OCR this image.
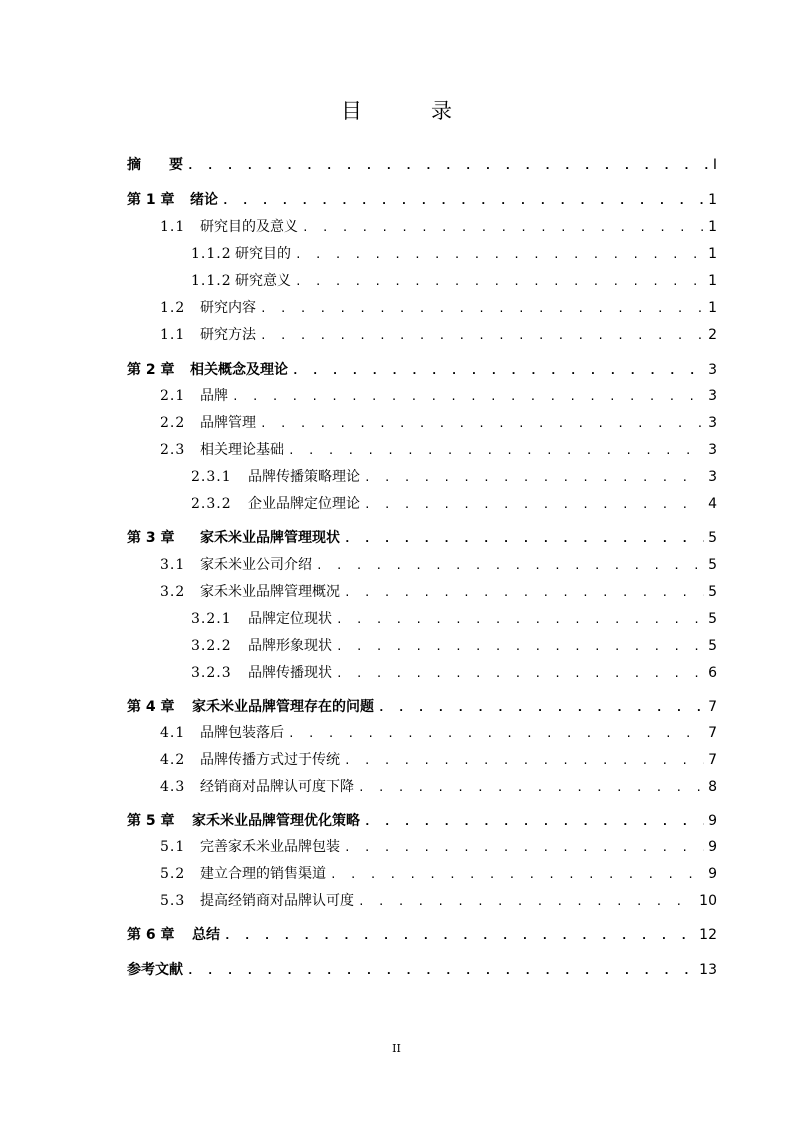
目　录
摘　　要 . . .	I
第 1 章	绪论 . . .	1
1.1	研究目的及意义 . . .	1
1.1.2 研究目的 . . .	1
1.1.2 研究意义 . . .	1
1.2	研究内容 . . .	1
1.1	研究方法 . . .	2
第 2 章	相关概念及理论 . . .	3
2.1	品牌 . . .	3
2.2	品牌管理 . . .	3
2.3	相关理论基础 . . .	3
2.3.1	品牌传播策略理论 . . .	3
2.3.2	企业品牌定位理论 . . .	4
第 3 章	家禾米业品牌管理现状 . . .	5
3.1	家禾米业公司介绍 . . .	5
3.2	家禾米业品牌管理概况 . . .	5
3.2.1	品牌定位现状 . . .	5
3.2.2	品牌形象现状 . . .	5
3.2.3	品牌传播现状 . . .	6
第 4 章	家禾米业品牌管理存在的问题 . . .	7
4.1	品牌包装落后 . . .	7
4.2	品牌传播方式过于传统 . . .	7
4.3	经销商对品牌认可度下降 . . .	8
第 5 章	家禾米业品牌管理优化策略 . . .	9
5.1	完善家禾米业品牌包装 . . .	9
5.2	建立合理的销售渠道 . . .	9
5.3	提高经销商对品牌认可度 . . .	10
第 6 章	总结 . . .	12
参考文献 . . .	13
II
